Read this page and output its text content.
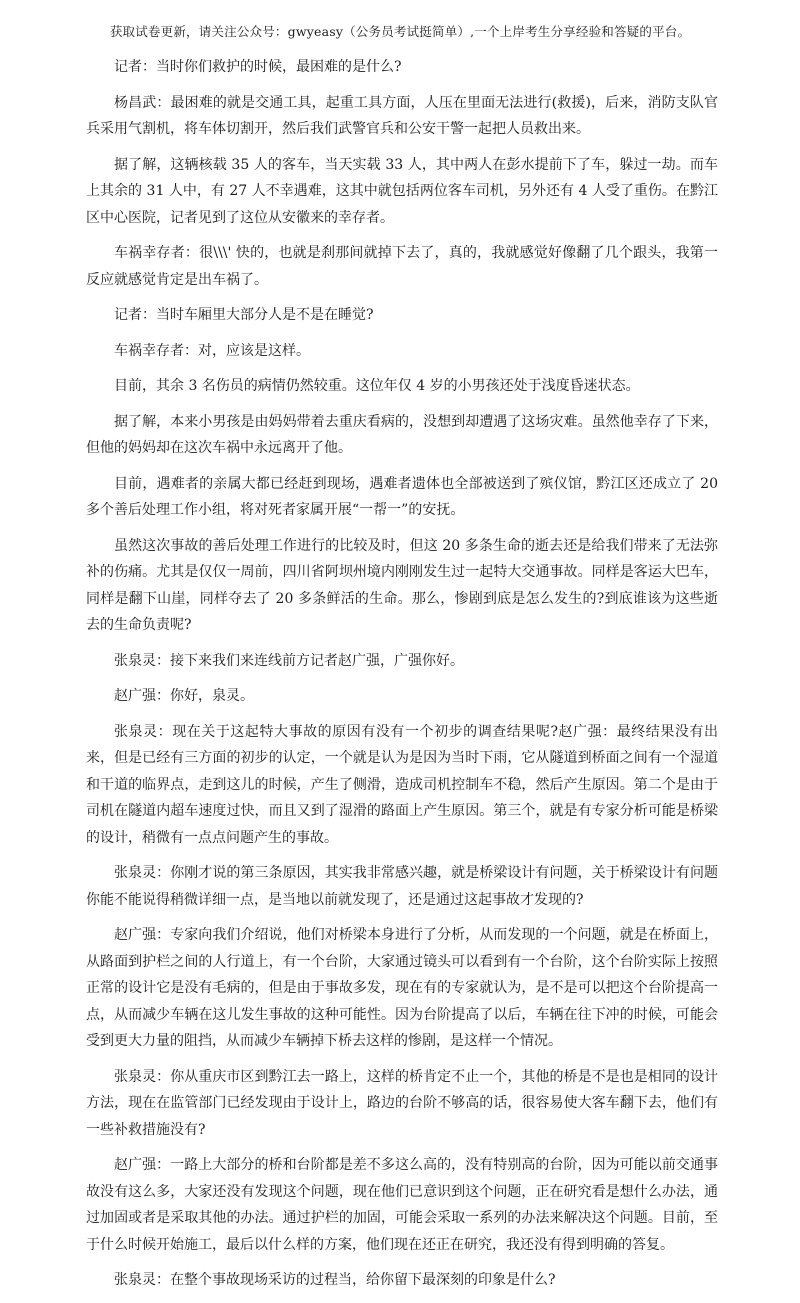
获取试卷更新，请关注公众号：gwyeasy（公务员考试挺简单）,一个上岸考生分享经验和答疑的平台。

记者：当时你们救护的时候，最困难的是什么?

杨昌武：最困难的就是交通工具，起重工具方面，人压在里面无法进行(救援)，后来，消防支队官兵采用气割机，将车体切割开，然后我们武警官兵和公安干警一起把人员救出来。

据了解，这辆核载 35 人的客车，当天实载 33 人，其中两人在彭水提前下了车，躲过一劫。而车上其余的 31 人中，有 27 人不幸遇难，这其中就包括两位客车司机，另外还有 4 人受了重伤。在黔江区中心医院，记者见到了这位从安徽来的幸存者。

车祸幸存者：很\\\' 快的，也就是刹那间就掉下去了，真的，我就感觉好像翻了几个跟头，我第一反应就感觉肯定是出车祸了。

记者：当时车厢里大部分人是不是在睡觉?

车祸幸存者：对，应该是这样。

目前，其余 3 名伤员的病情仍然较重。这位年仅 4 岁的小男孩还处于浅度昏迷状态。

据了解，本来小男孩是由妈妈带着去重庆看病的，没想到却遭遇了这场灾难。虽然他幸存了下来，但他的妈妈却在这次车祸中永远离开了他。

目前，遇难者的亲属大都已经赶到现场，遇难者遗体也全部被送到了殡仪馆，黔江区还成立了 20 多个善后处理工作小组，将对死者家属开展“一帮一”的安抚。

虽然这次事故的善后处理工作进行的比较及时，但这 20 多条生命的逝去还是给我们带来了无法弥补的伤痛。尤其是仅仅一周前，四川省阿坝州境内刚刚发生过一起特大交通事故。同样是客运大巴车，同样是翻下山崖，同样夺去了 20 多条鲜活的生命。那么，惨剧到底是怎么发生的?到底谁该为这些逝去的生命负责呢?

张泉灵：接下来我们来连线前方记者赵广强，广强你好。

赵广强：你好，泉灵。

张泉灵：现在关于这起特大事故的原因有没有一个初步的调查结果呢?赵广强：最终结果没有出来，但是已经有三方面的初步的认定，一个就是认为是因为当时下雨，它从隧道到桥面之间有一个湿道和干道的临界点，走到这儿的时候，产生了侧滑，造成司机控制车不稳，然后产生原因。第二个是由于司机在隧道内超车速度过快，而且又到了湿滑的路面上产生原因。第三个，就是有专家分析可能是桥梁的设计，稍微有一点点问题产生的事故。

张泉灵：你刚才说的第三条原因，其实我非常感兴趣，就是桥梁设计有问题，关于桥梁设计有问题你能不能说得稍微详细一点，是当地以前就发现了，还是通过这起事故才发现的?

赵广强：专家向我们介绍说，他们对桥梁本身进行了分析，从而发现的一个问题，就是在桥面上，从路面到护栏之间的人行道上，有一个台阶，大家通过镜头可以看到有一个台阶，这个台阶实际上按照正常的设计它是没有毛病的，但是由于事故多发，现在有的专家就认为，是不是可以把这个台阶提高一点，从而减少车辆在这儿发生事故的这种可能性。因为台阶提高了以后，车辆在往下冲的时候，可能会受到更大力量的阻挡，从而减少车辆掉下桥去这样的惨剧，是这样一个情况。

张泉灵：你从重庆市区到黔江去一路上，这样的桥肯定不止一个，其他的桥是不是也是相同的设计方法，现在在监管部门已经发现由于设计上，路边的台阶不够高的话，很容易使大客车翻下去，他们有一些补救措施没有?

赵广强：一路上大部分的桥和台阶都是差不多这么高的，没有特别高的台阶，因为可能以前交通事故没有这么多，大家还没有发现这个问题，现在他们已意识到这个问题，正在研究看是想什么办法，通过加固或者是采取其他的办法。通过护栏的加固，可能会采取一系列的办法来解决这个问题。目前，至于什么时候开始施工，最后以什么样的方案，他们现在还正在研究，我还没有得到明确的答复。

张泉灵：在整个事故现场采访的过程当，给你留下最深刻的印象是什么?
